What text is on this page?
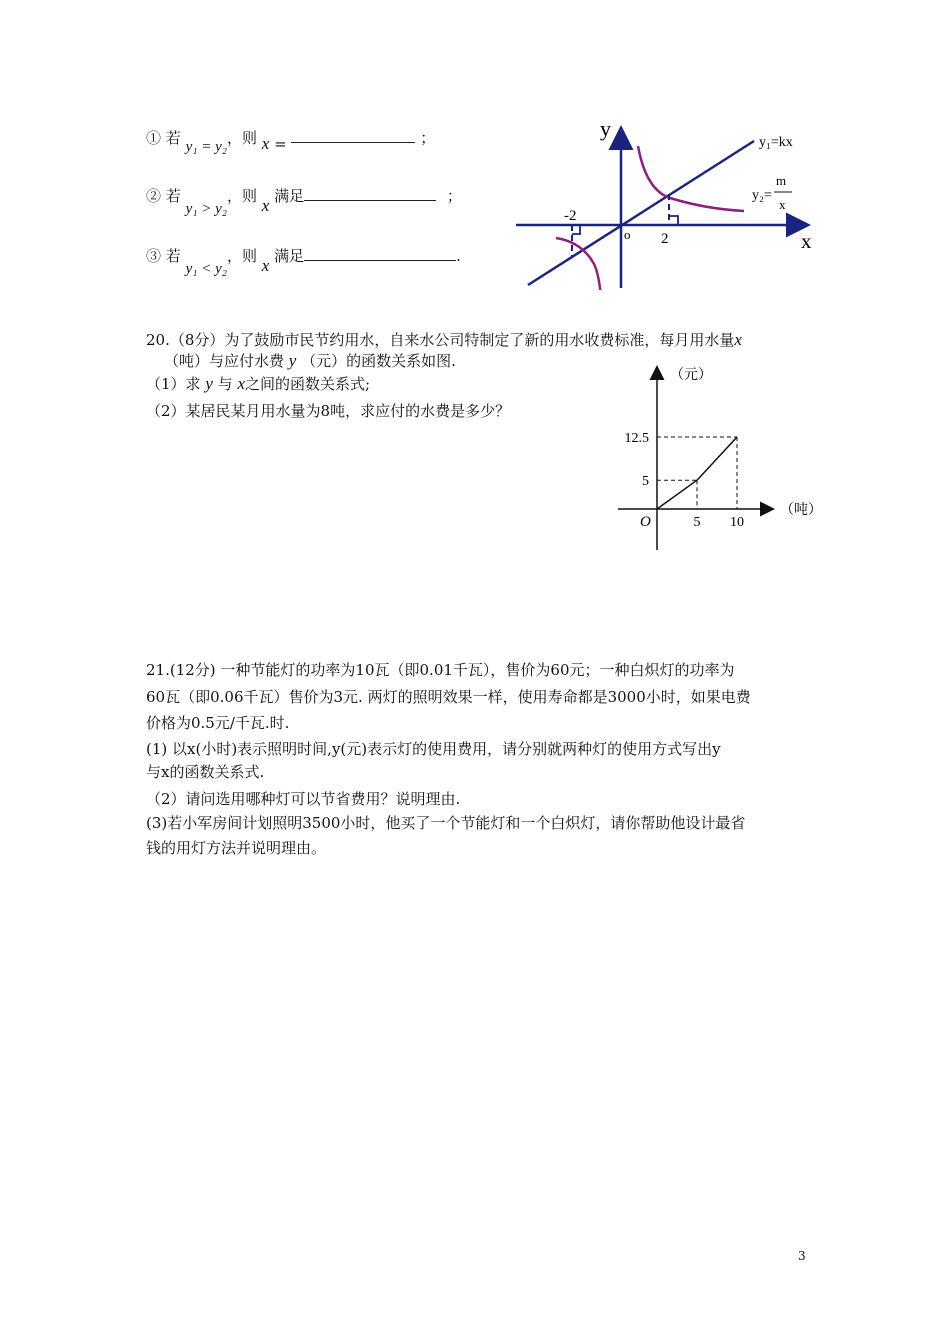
① 若 y₁ = y₂，则 x =	；
② 若 y₁ > y₂，则 x 满足	；
③ 若 y₁ < y₂，则 x 满足	.
y
x
o
-2
2
y₁=kx
y₂=
m
x
20.（8分）为了鼓励市民节约用水，自来水公司特制定了新的用水收费标准，每月用水量x
（吨）与应付水费 y （元）的函数关系如图.
（1）求 y 与 x之间的函数关系式;
（2）某居民某月用水量为8吨，求应付的水费是多少？
（元）
（吨）
O	5 10
5
12.5
21.(12分) 一种节能灯的功率为10瓦（即0.01千瓦），售价为60元；一种白炽灯的功率为
60瓦（即0.06千瓦）售价为3元. 两灯的照明效果一样，使用寿命都是3000小时，如果电费
价格为0.5元/千瓦.时.
(1) 以x(小时)表示照明时间,y(元)表示灯的使用费用，请分别就两种灯的使用方式写出y
与x的函数关系式.
（2）请问选用哪种灯可以节省费用？说明理由.
(3)若小军房间计划照明3500小时，他买了一个节能灯和一个白炽灯，请你帮助他设计最省
钱的用灯方法并说明理由。
3
